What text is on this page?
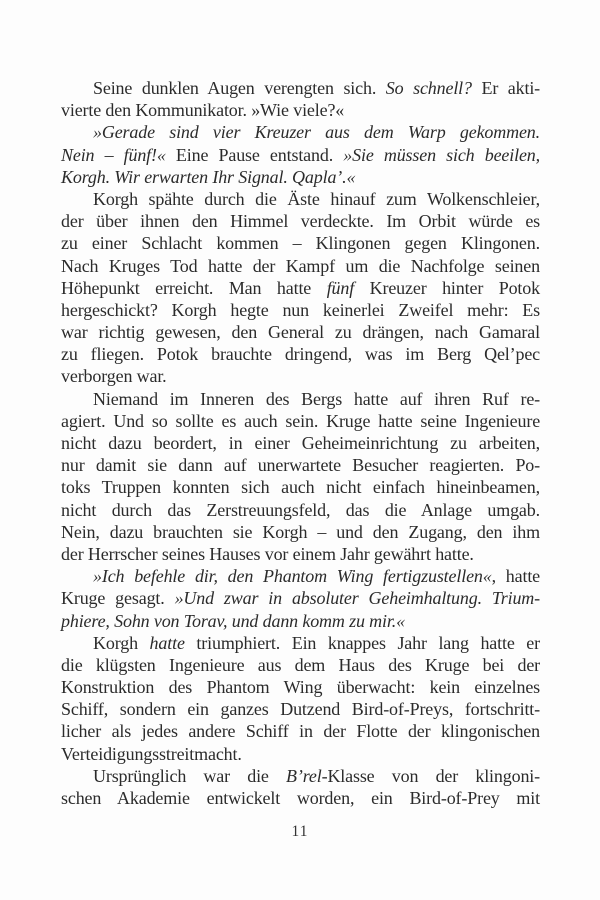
Seine dunklen Augen verengten sich. So schnell? Er akti-
vierte den Kommunikator. »Wie viele?«
»Gerade sind vier Kreuzer aus dem Warp gekommen.
Nein – fünf!« Eine Pause entstand. »Sie müssen sich beeilen,
Korgh. Wir erwarten Ihr Signal. Qapla’.«
Korgh spähte durch die Äste hinauf zum Wolkenschleier,
der über ihnen den Himmel verdeckte. Im Orbit würde es
zu einer Schlacht kommen – Klingonen gegen Klingonen.
Nach Kruges Tod hatte der Kampf um die Nachfolge seinen
Höhepunkt erreicht. Man hatte fünf Kreuzer hinter Potok
hergeschickt? Korgh hegte nun keinerlei Zweifel mehr: Es
war richtig gewesen, den General zu drängen, nach Gamaral
zu fliegen. Potok brauchte dringend, was im Berg Qel’pec
verborgen war.
Niemand im Inneren des Bergs hatte auf ihren Ruf re-
agiert. Und so sollte es auch sein. Kruge hatte seine Ingenieure
nicht dazu beordert, in einer Geheimeinrichtung zu arbeiten,
nur damit sie dann auf unerwartete Besucher reagierten. Po-
toks Truppen konnten sich auch nicht einfach hineinbeamen,
nicht durch das Zerstreuungsfeld, das die Anlage umgab.
Nein, dazu brauchten sie Korgh – und den Zugang, den ihm
der Herrscher seines Hauses vor einem Jahr gewährt hatte.
»Ich befehle dir, den Phantom Wing fertigzustellen«, hatte
Kruge gesagt. »Und zwar in absoluter Geheimhaltung. Trium-
phiere, Sohn von Torav, und dann komm zu mir.«
Korgh hatte triumphiert. Ein knappes Jahr lang hatte er
die klügsten Ingenieure aus dem Haus des Kruge bei der
Konstruktion des Phantom Wing überwacht: kein einzelnes
Schiff, sondern ein ganzes Dutzend Bird-of-Preys, fortschritt-
licher als jedes andere Schiff in der Flotte der klingonischen
Verteidigungsstreitmacht.
Ursprünglich war die B’rel-Klasse von der klingoni-
schen Akademie entwickelt worden, ein Bird-of-Prey mit
11
